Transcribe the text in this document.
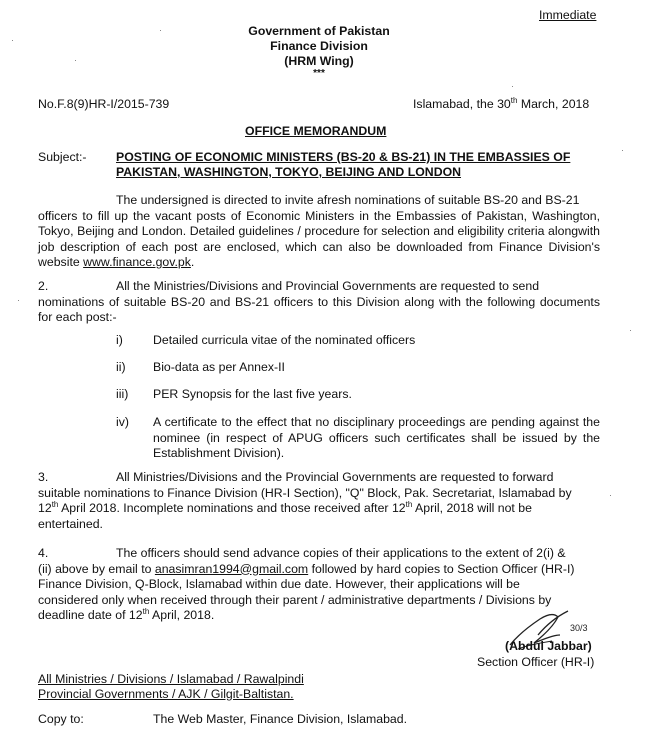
Immediate
Government of Pakistan
Finance Division
(HRM Wing)
***
No.F.8(9)HR-I/2015-739	Islamabad, the 30th March, 2018
OFFICE MEMORANDUM
Subject:- POSTING OF ECONOMIC MINISTERS (BS-20 & BS-21) IN THE EMBASSIES OF
PAKISTAN, WASHINGTON, TOKYO, BEIJING AND LONDON
The undersigned is directed to invite afresh nominations of suitable BS-20 and BS-21
officers to fill up the vacant posts of Economic Ministers in the Embassies of Pakistan, Washington, Tokyo, Beijing and London. Detailed guidelines / procedure for selection and eligibility criteria alongwith job description of each post are enclosed, which can also be downloaded from Finance Division's website www.finance.gov.pk.
2.	All the Ministries/Divisions and Provincial Governments are requested to send
nominations of suitable BS-20 and BS-21 officers to this Division along with the following documents for each post:-
i) Detailed curricula vitae of the nominated officers
ii) Bio-data as per Annex-II
iii) PER Synopsis for the last five years.
iv) A certificate to the effect that no disciplinary proceedings are pending against the nominee (in respect of APUG officers such certificates shall be issued by the Establishment Division).
3.	All Ministries/Divisions and the Provincial Governments are requested to forward
suitable nominations to Finance Division (HR-I Section), "Q" Block, Pak. Secretariat, Islamabad by
12th April 2018. Incomplete nominations and those received after 12th April, 2018 will not be
entertained.
4.	The officers should send advance copies of their applications to the extent of 2(i) &
(ii) above by email to anasimran1994@gmail.com followed by hard copies to Section Officer (HR-I)
Finance Division, Q-Block, Islamabad within due date. However, their applications will be
considered only when received through their parent / administrative departments / Divisions by
deadline date of 12th April, 2018.
30/3
(Abdul Jabbar)
Section Officer (HR-I)
All Ministries / Divisions / Islamabad / Rawalpindi
Provincial Governments / AJK / Gilgit-Baltistan.
Copy to:	The Web Master, Finance Division, Islamabad.
